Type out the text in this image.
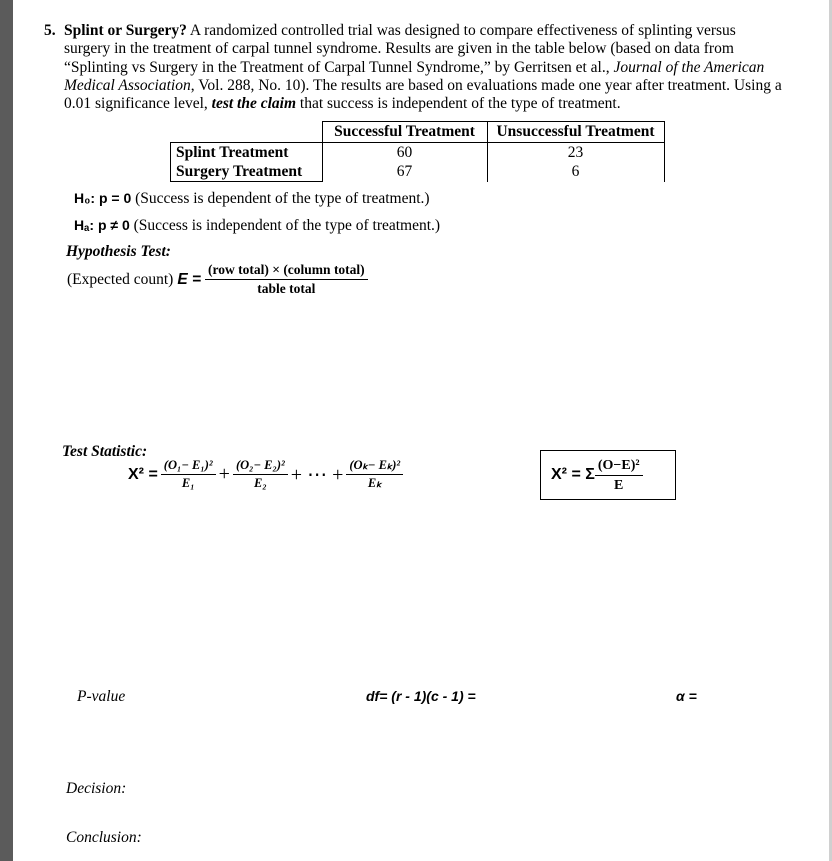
5. Splint or Surgery? A randomized controlled trial was designed to compare effectiveness of splinting versus surgery in the treatment of carpal tunnel syndrome. Results are given in the table below (based on data from “Splinting vs Surgery in the Treatment of Carpal Tunnel Syndrome,” by Gerritsen et al., Journal of the American Medical Association, Vol. 288, No. 10). The results are based on evaluations made one year after treatment. Using a 0.01 significance level, test the claim that success is independent of the type of treatment.
	Successful Treatment	Unsuccessful Treatment
Splint Treatment	60	23
Surgery Treatment	67	6
H₀: p = 0 (Success is dependent of the type of treatment.)
Hₐ: p ≠ 0 (Success is independent of the type of treatment.)
Hypothesis Test:
(Expected count) $E = \frac{\text{(row total) × (column total)}}{\text{table total}}$
Test Statistic:
$X^2 = \frac{\text{(O₁− E₁)²}}{\text{E₁}} + \frac{\text{(O₂− E₂)²}}{\text{E₂}}$ + ⋯ + $\frac{\text{(Oₖ− Eₖ)²}}{\text{Eₖ}}$	X² = Σ $\frac{\text{(O−E)²}}{E}$
P-value	df= (r - 1)(c - 1) =	α =
Decision:
Conclusion:
